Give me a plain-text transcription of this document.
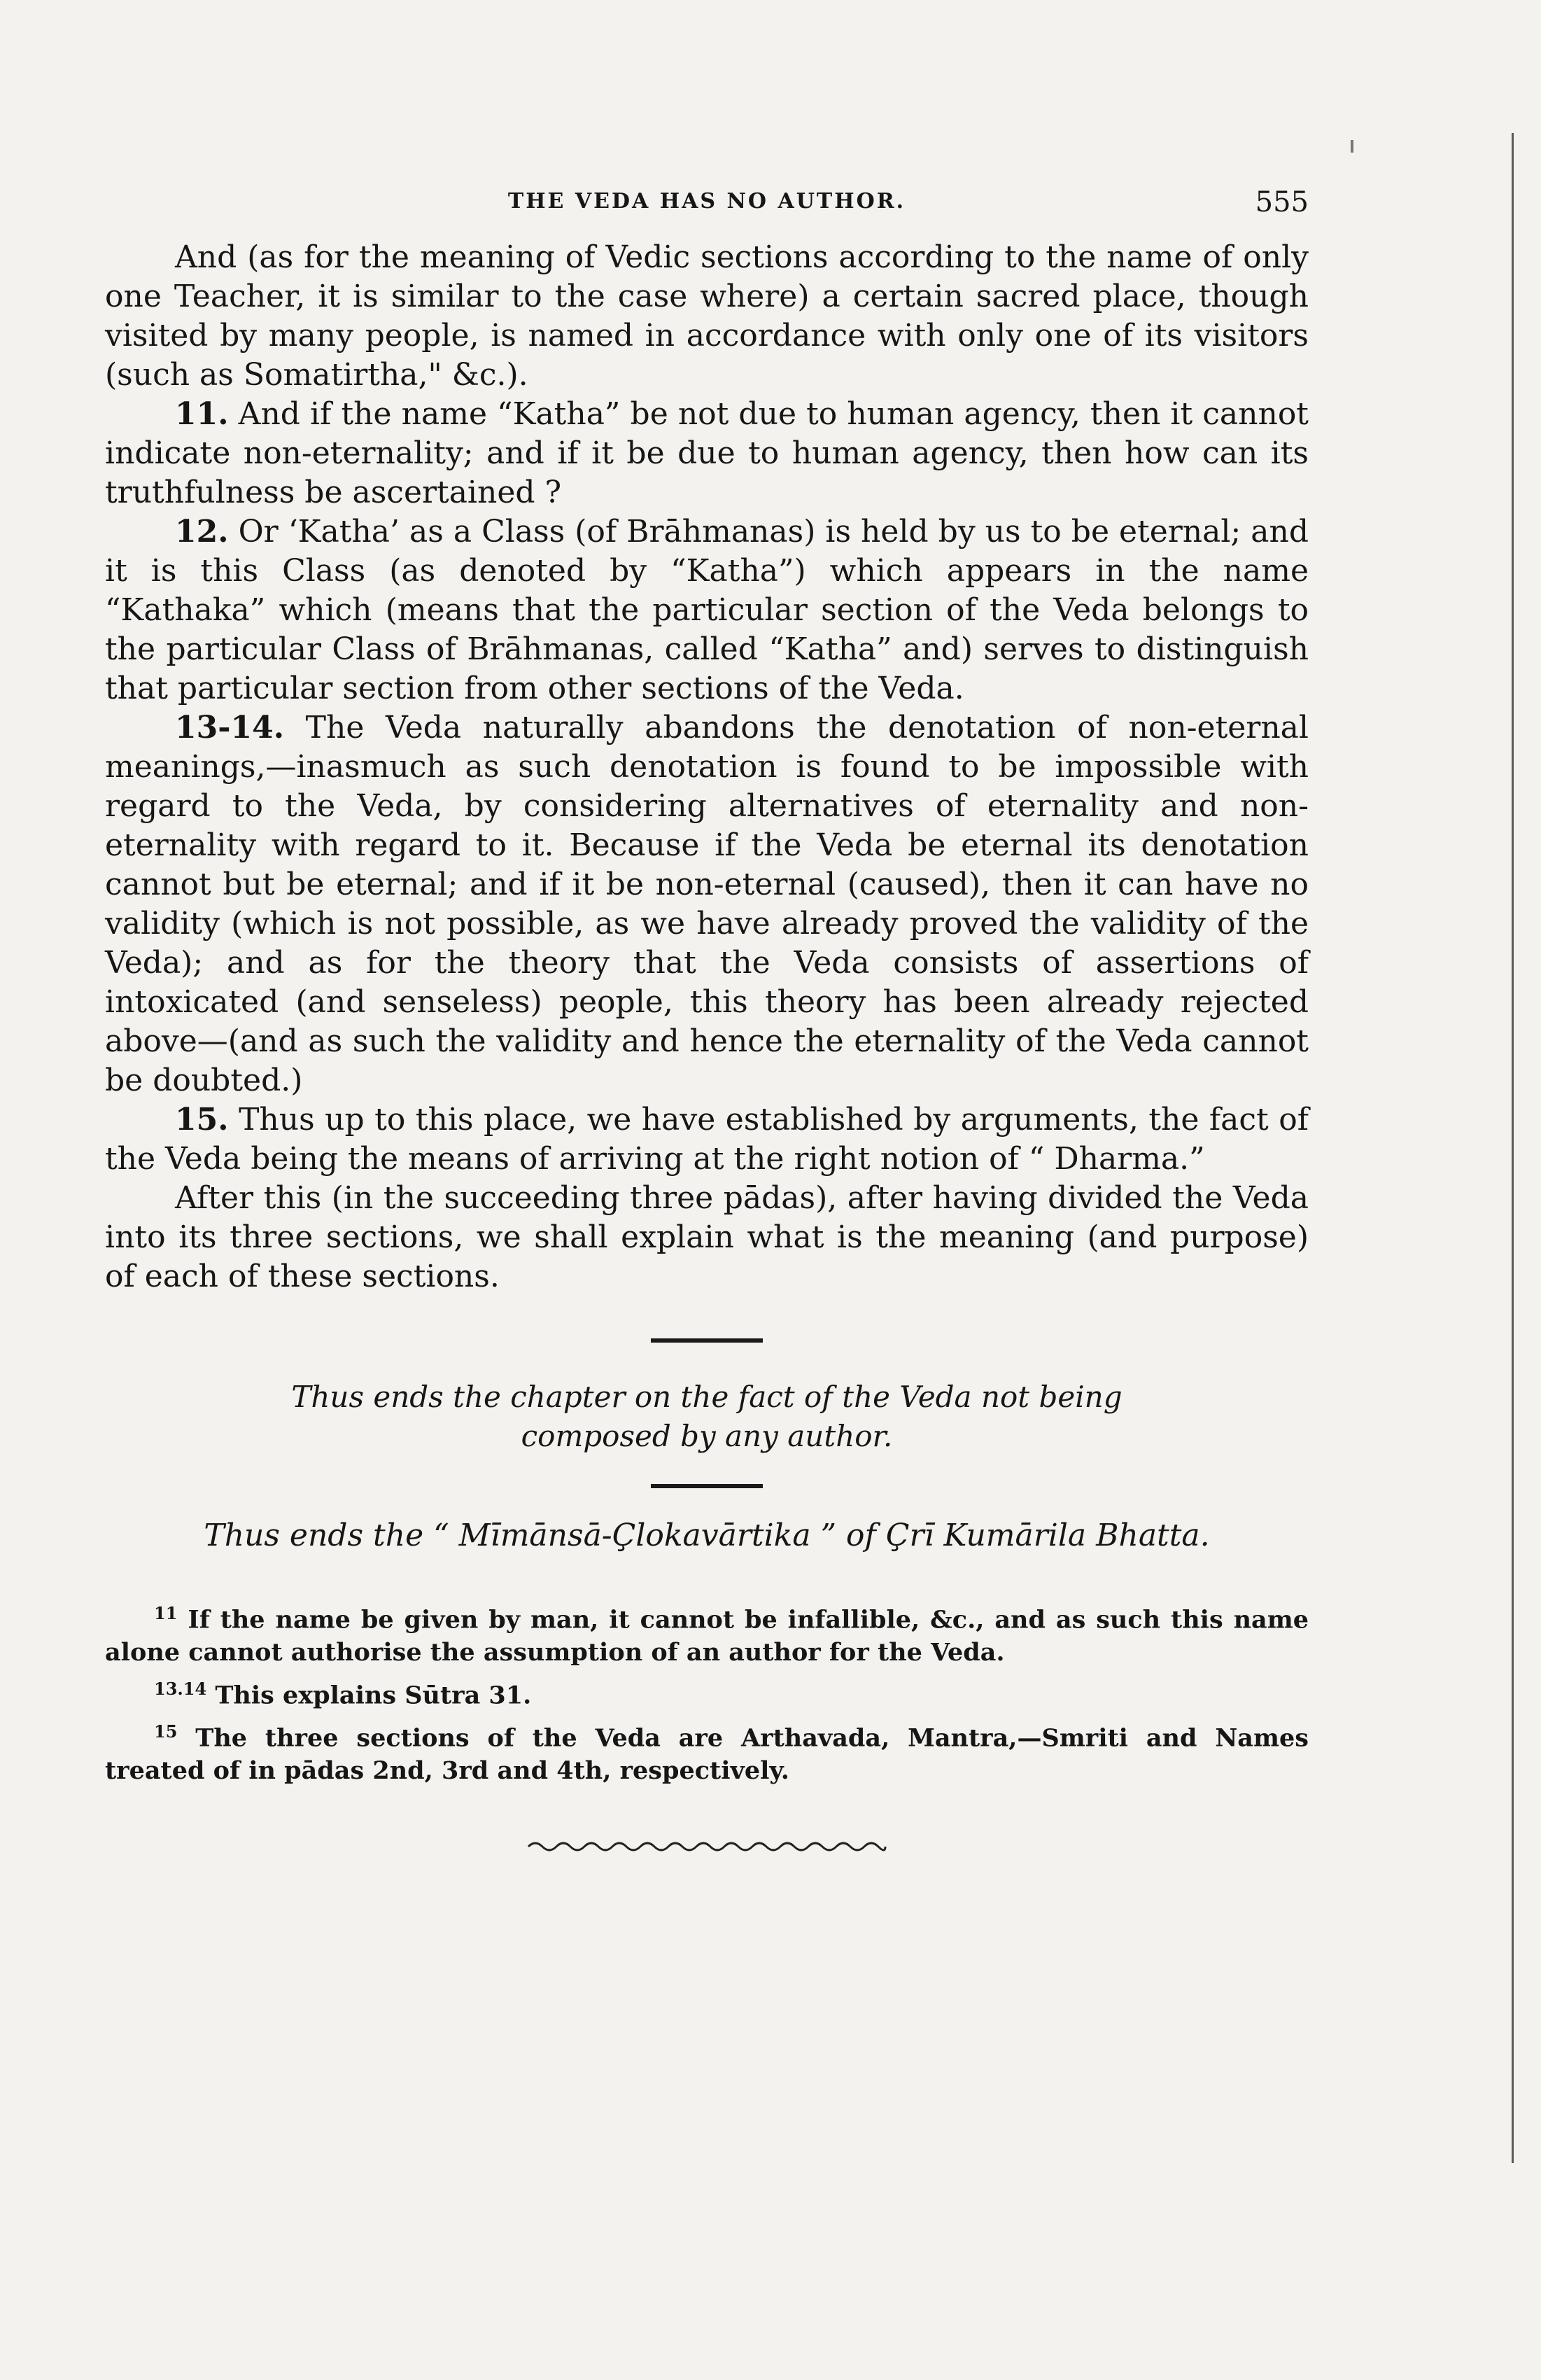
THE VEDA HAS NO AUTHOR.	555

And (as for the meaning of Vedic sections according to the name of only one Teacher, it is similar to the case where) a certain sacred place, though visited by many people, is named in accordance with only one of its visitors (such as Somatirtha," &c.).

11. And if the name “Katha” be not due to human agency, then it cannot indicate non-eternality; and if it be due to human agency, then how can its truthfulness be ascertained ?

12. Or ‘Katha’ as a Class (of Brāhmanas) is held by us to be eternal; and it is this Class (as denoted by “Katha”) which appears in the name “Kathaka” which (means that the particular section of the Veda belongs to the particular Class of Brāhmanas, called “Katha” and) serves to distinguish that particular section from other sections of the Veda.

13-14. The Veda naturally abandons the denotation of non-eternal meanings,—inasmuch as such denotation is found to be impossible with regard to the Veda, by considering alternatives of eternality and non-eternality with regard to it. Because if the Veda be eternal its denotation cannot but be eternal; and if it be non-eternal (caused), then it can have no validity (which is not possible, as we have already proved the validity of the Veda); and as for the theory that the Veda consists of assertions of intoxicated (and senseless) people, this theory has been already rejected above—(and as such the validity and hence the eternality of the Veda cannot be doubted.)

15. Thus up to this place, we have established by arguments, the fact of the Veda being the means of arriving at the right notion of “ Dharma.”

After this (in the succeeding three pādas), after having divided the Veda into its three sections, we shall explain what is the meaning (and purpose) of each of these sections.

Thus ends the chapter on the fact of the Veda not being composed by any author.

Thus ends the “ Mīmānsā-Çlokavārtika ” of Çrī Kumārila Bhatta.

$^{11}$ If the name be given by man, it cannot be infallible, &c., and as such this name alone cannot authorise the assumption of an author for the Veda.

$^{13.14}$ This explains Sūtra 31.

$^{15}$ The three sections of the Veda are Arthavada, Mantra,—Smriti and Names treated of in pādas 2nd, 3rd and 4th, respectively.
